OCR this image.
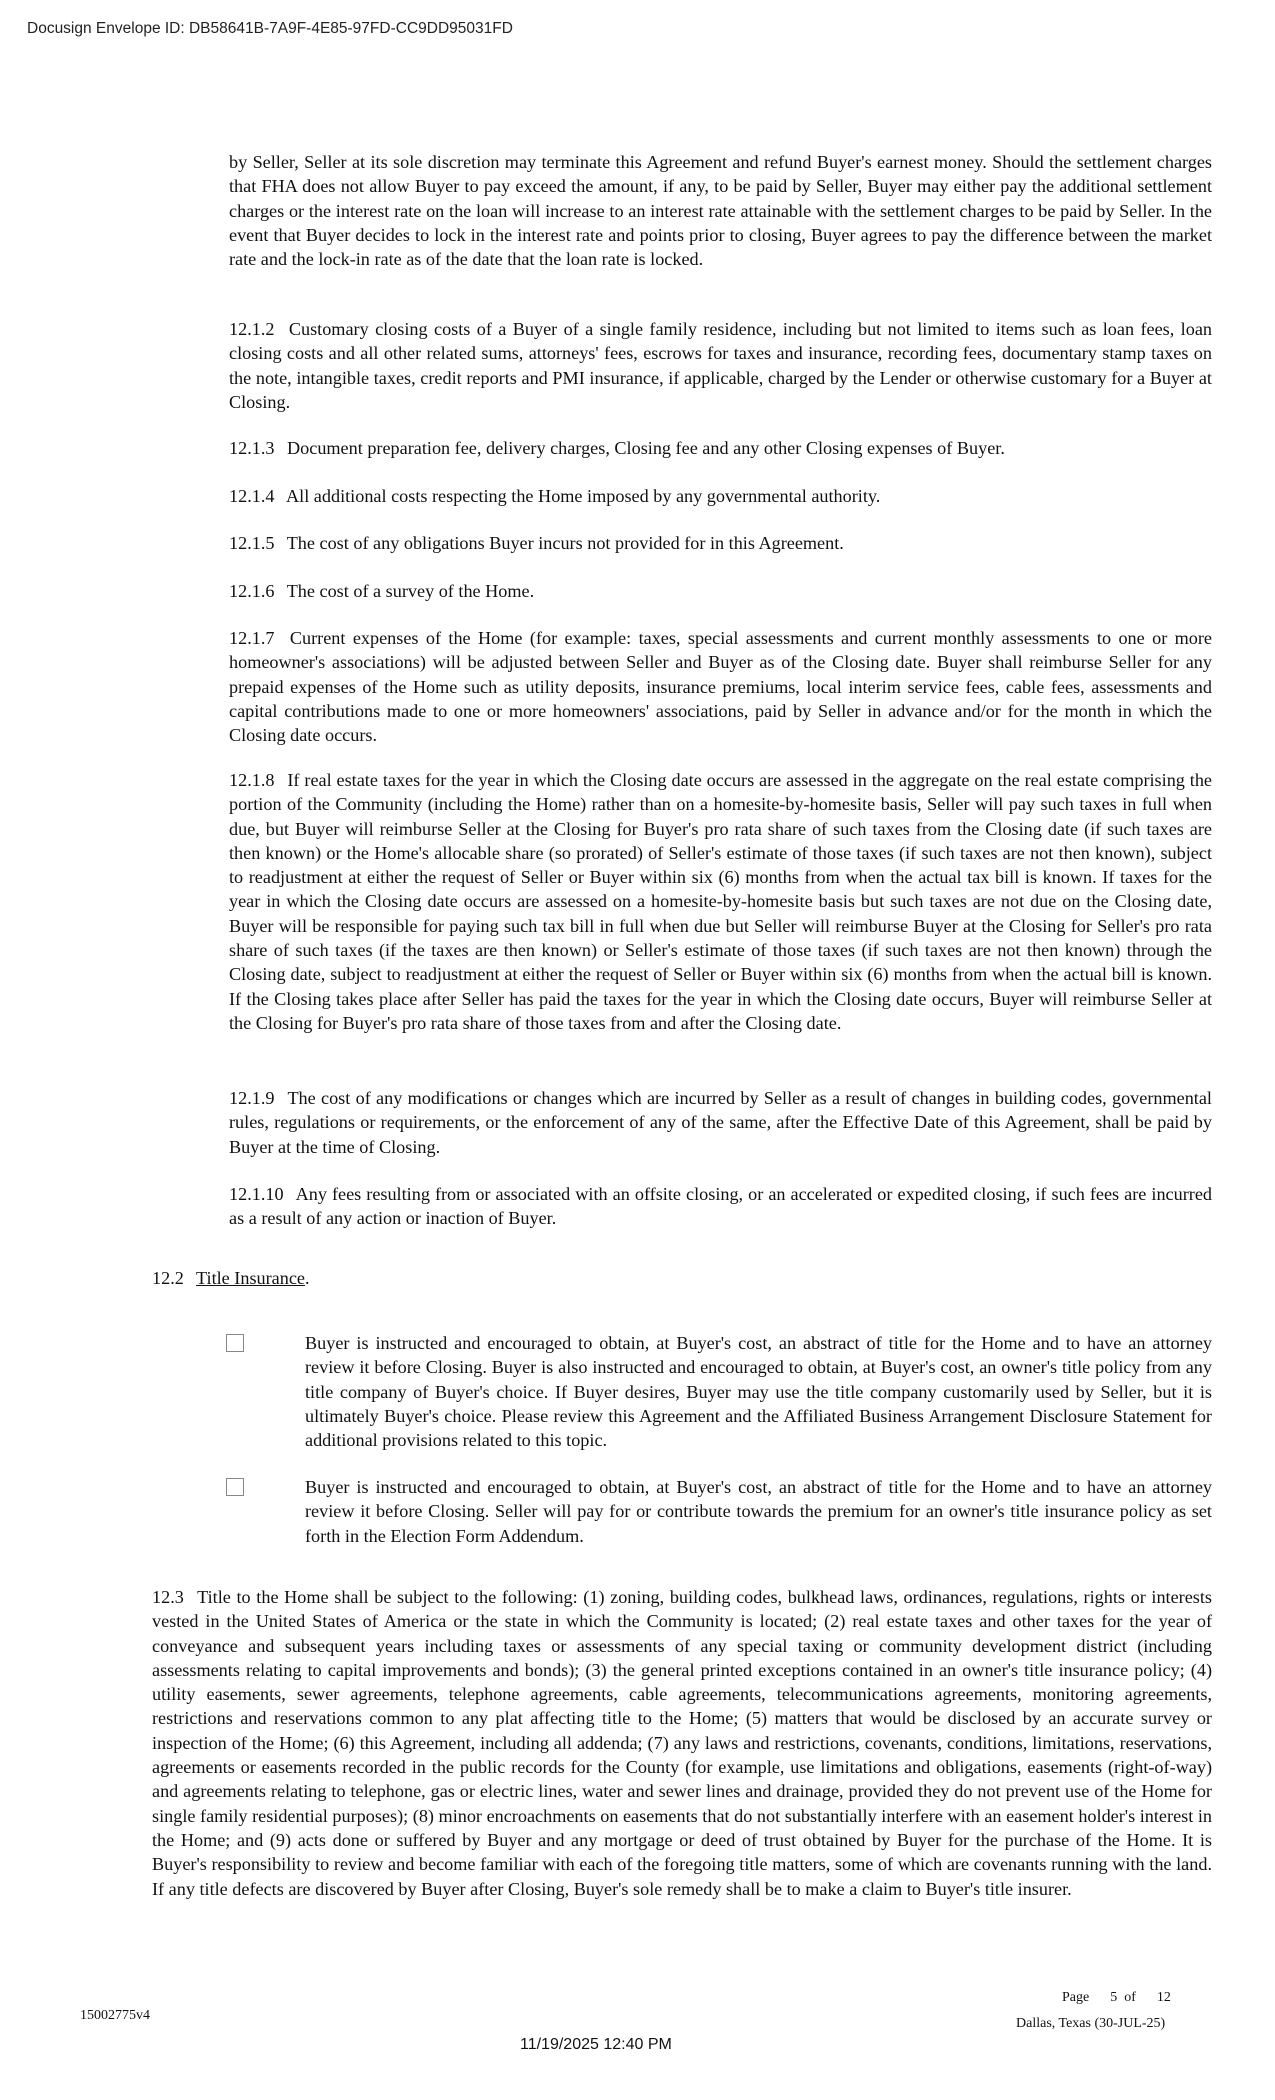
Docusign Envelope ID: DB58641B-7A9F-4E85-97FD-CC9DD95031FD

by Seller, Seller at its sole discretion may terminate this Agreement and refund Buyer's earnest money. Should the settlement charges that FHA does not allow Buyer to pay exceed the amount, if any, to be paid by Seller, Buyer may either pay the additional settlement charges or the interest rate on the loan will increase to an interest rate attainable with the settlement charges to be paid by Seller. In the event that Buyer decides to lock in the interest rate and points prior to closing, Buyer agrees to pay the difference between the market rate and the lock-in rate as of the date that the loan rate is locked.

12.1.2 Customary closing costs of a Buyer of a single family residence, including but not limited to items such as loan fees, loan closing costs and all other related sums, attorneys' fees, escrows for taxes and insurance, recording fees, documentary stamp taxes on the note, intangible taxes, credit reports and PMI insurance, if applicable, charged by the Lender or otherwise customary for a Buyer at Closing.

12.1.3 Document preparation fee, delivery charges, Closing fee and any other Closing expenses of Buyer.

12.1.4 All additional costs respecting the Home imposed by any governmental authority.

12.1.5 The cost of any obligations Buyer incurs not provided for in this Agreement.

12.1.6 The cost of a survey of the Home.

12.1.7 Current expenses of the Home (for example: taxes, special assessments and current monthly assessments to one or more homeowner's associations) will be adjusted between Seller and Buyer as of the Closing date. Buyer shall reimburse Seller for any prepaid expenses of the Home such as utility deposits, insurance premiums, local interim service fees, cable fees, assessments and capital contributions made to one or more homeowners' associations, paid by Seller in advance and/or for the month in which the Closing date occurs.

12.1.8 If real estate taxes for the year in which the Closing date occurs are assessed in the aggregate on the real estate comprising the portion of the Community (including the Home) rather than on a homesite-by-homesite basis, Seller will pay such taxes in full when due, but Buyer will reimburse Seller at the Closing for Buyer's pro rata share of such taxes from the Closing date (if such taxes are then known) or the Home's allocable share (so prorated) of Seller's estimate of those taxes (if such taxes are not then known), subject to readjustment at either the request of Seller or Buyer within six (6) months from when the actual tax bill is known. If taxes for the year in which the Closing date occurs are assessed on a homesite-by-homesite basis but such taxes are not due on the Closing date, Buyer will be responsible for paying such tax bill in full when due but Seller will reimburse Buyer at the Closing for Seller's pro rata share of such taxes (if the taxes are then known) or Seller's estimate of those taxes (if such taxes are not then known) through the Closing date, subject to readjustment at either the request of Seller or Buyer within six (6) months from when the actual bill is known. If the Closing takes place after Seller has paid the taxes for the year in which the Closing date occurs, Buyer will reimburse Seller at the Closing for Buyer's pro rata share of those taxes from and after the Closing date.

12.1.9 The cost of any modifications or changes which are incurred by Seller as a result of changes in building codes, governmental rules, regulations or requirements, or the enforcement of any of the same, after the Effective Date of this Agreement, shall be paid by Buyer at the time of Closing.

12.1.10 Any fees resulting from or associated with an offsite closing, or an accelerated or expedited closing, if such fees are incurred as a result of any action or inaction of Buyer.

12.2 Title Insurance.

Buyer is instructed and encouraged to obtain, at Buyer's cost, an abstract of title for the Home and to have an attorney review it before Closing. Buyer is also instructed and encouraged to obtain, at Buyer's cost, an owner's title policy from any title company of Buyer's choice. If Buyer desires, Buyer may use the title company customarily used by Seller, but it is ultimately Buyer's choice. Please review this Agreement and the Affiliated Business Arrangement Disclosure Statement for additional provisions related to this topic.

Buyer is instructed and encouraged to obtain, at Buyer's cost, an abstract of title for the Home and to have an attorney review it before Closing. Seller will pay for or contribute towards the premium for an owner's title insurance policy as set forth in the Election Form Addendum.

12.3 Title to the Home shall be subject to the following: (1) zoning, building codes, bulkhead laws, ordinances, regulations, rights or interests vested in the United States of America or the state in which the Community is located; (2) real estate taxes and other taxes for the year of conveyance and subsequent years including taxes or assessments of any special taxing or community development district (including assessments relating to capital improvements and bonds); (3) the general printed exceptions contained in an owner's title insurance policy; (4) utility easements, sewer agreements, telephone agreements, cable agreements, telecommunications agreements, monitoring agreements, restrictions and reservations common to any plat affecting title to the Home; (5) matters that would be disclosed by an accurate survey or inspection of the Home; (6) this Agreement, including all addenda; (7) any laws and restrictions, covenants, conditions, limitations, reservations, agreements or easements recorded in the public records for the County (for example, use limitations and obligations, easements (right-of-way) and agreements relating to telephone, gas or electric lines, water and sewer lines and drainage, provided they do not prevent use of the Home for single family residential purposes); (8) minor encroachments on easements that do not substantially interfere with an easement holder's interest in the Home; and (9) acts done or suffered by Buyer and any mortgage or deed of trust obtained by Buyer for the purchase of the Home. It is Buyer's responsibility to review and become familiar with each of the foregoing title matters, some of which are covenants running with the land. If any title defects are discovered by Buyer after Closing, Buyer's sole remedy shall be to make a claim to Buyer's title insurer.

Page 5 of 12
15002775v4
Dallas, Texas (30-JUL-25)
11/19/2025 12:40 PM
